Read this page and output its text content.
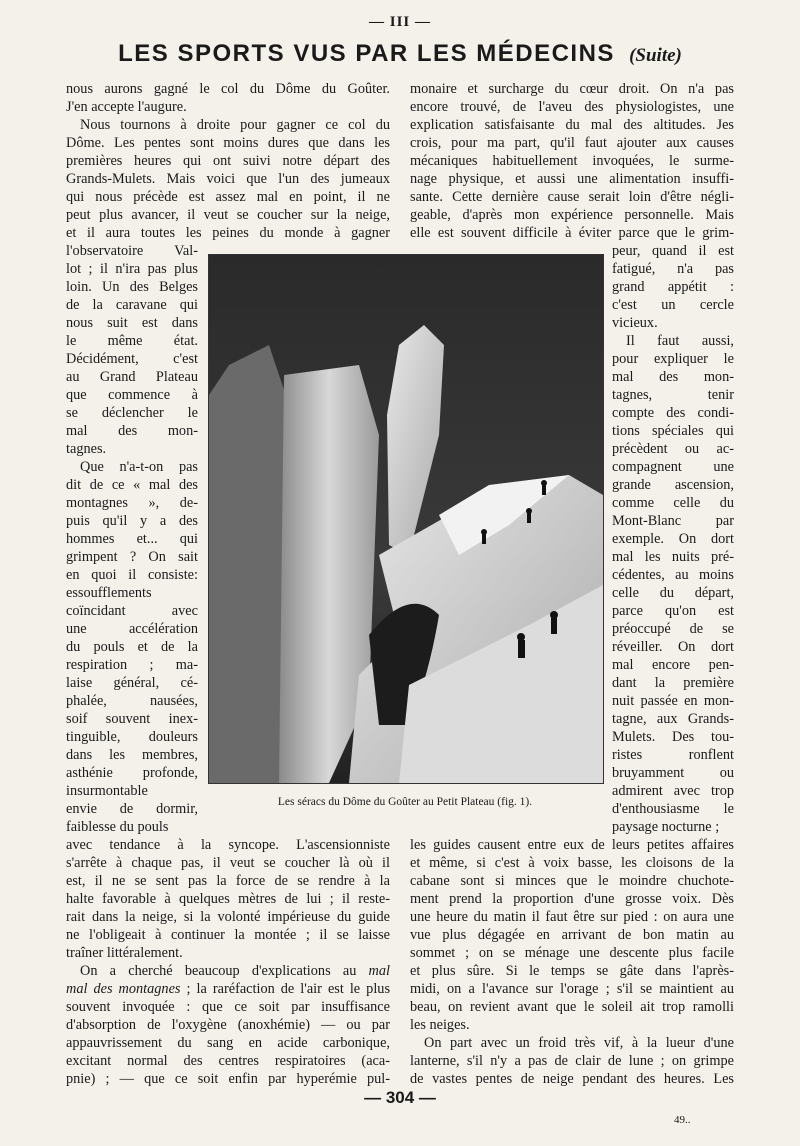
— III —
LES SPORTS VUS PAR LES MÉDECINS (Suite)
nous aurons gagné le col du Dôme du Goûter.
J'en accepte l'augure.
Nous tournons à droite pour gagner ce col du
Dôme. Les pentes sont moins dures que dans les
premières heures qui ont suivi notre départ des
Grands-Mulets. Mais voici que l'un des jumeaux
qui nous précède est assez mal en point, il ne
peut plus avancer, il veut se coucher sur la neige,
et il aura toutes les peines du monde à gagner
l'observatoire Val-
lot ; il n'ira pas plus
loin. Un des Belges
de la caravane qui
nous suit est dans
le même état.
Décidément, c'est
au Grand Plateau
que commence à
se déclencher le
mal des mon-
tagnes.
Que n'a-t-on pas
dit de ce « mal des
montagnes », de-
puis qu'il y a des
hommes et... qui
grimpent ? On sait
en quoi il consiste:
essoufflements
coïncidant avec
une accélération
du pouls et de la
respiration ; ma-
laise général, cé-
phalée, nausées,
soif souvent inex-
tinguible, douleurs
dans les membres,
asthénie profonde,
insurmontable
envie de dormir,
faiblesse du pouls
avec tendance à la syncope. L'ascensionniste
s'arrête à chaque pas, il veut se coucher là où il
est, il ne se sent pas la force de se rendre à la
halte favorable à quelques mètres de lui ; il reste-
rait dans la neige, si la volonté impérieuse du guide
ne l'obligeait à continuer la montée ; il se laisse
traîner littéralement.
On a cherché beaucoup d'explications au mal
mal des montagnes ; la raréfaction de l'air est le plus
souvent invoquée : que ce soit par insuffisance
d'absorption de l'oxygène (anoxhémie) — ou par
appauvrissement du sang en acide carbonique,
excitant normal des centres respiratoires (aca-
pnie) ; — que ce soit enfin par hyperémie pul-
monaire et surcharge du cœur droit. On n'a pas
encore trouvé, de l'aveu des physiologistes, une
explication satisfaisante du mal des altitudes. Jes
crois, pour ma part, qu'il faut ajouter aux causes
mécaniques habituellement invoquées, le surme-
nage physique, et aussi une alimentation insuffi-
sante. Cette dernière cause serait loin d'être négli-
geable, d'après mon expérience personnelle. Mais
elle est souvent difficile à éviter parce que le grim-
peur, quand il est
fatigué, n'a pas
grand appétit :
c'est un cercle
vicieux.
Il faut aussi,
pour expliquer le
mal des mon-
tagnes, tenir
compte des condi-
tions spéciales qui
précèdent ou ac-
compagnent une
grande ascension,
comme celle du
Mont-Blanc par
exemple. On dort
mal les nuits pré-
cédentes, au moins
celle du départ,
parce qu'on est
préoccupé de se
réveiller. On dort
mal encore pen-
dant la première
nuit passée en mon-
tagne, aux Grands-
Mulets. Des tou-
ristes ronflent
bruyamment ou
admirent avec trop
d'enthousiasme le
paysage nocturne ;
les guides causent entre eux de leurs petites affaires
et même, si c'est à voix basse, les cloisons de la
cabane sont si minces que le moindre chuchote-
ment prend la proportion d'une grosse voix. Dès
une heure du matin il faut être sur pied : on aura une
vue plus dégagée en arrivant de bon matin au
sommet ; on se ménage une descente plus facile
et plus sûre. Si le temps se gâte dans l'après-
midi, on a l'avance sur l'orage ; s'il se maintient au
beau, on revient avant que le soleil ait trop ramolli
les neiges.
On part avec un froid très vif, à la lueur d'une
lanterne, s'il n'y a pas de clair de lune ; on grimpe
de vastes pentes de neige pendant des heures. Les
Les séracs du Dôme du Goûter au Petit Plateau (fig. 1).
— 304 —
49..
